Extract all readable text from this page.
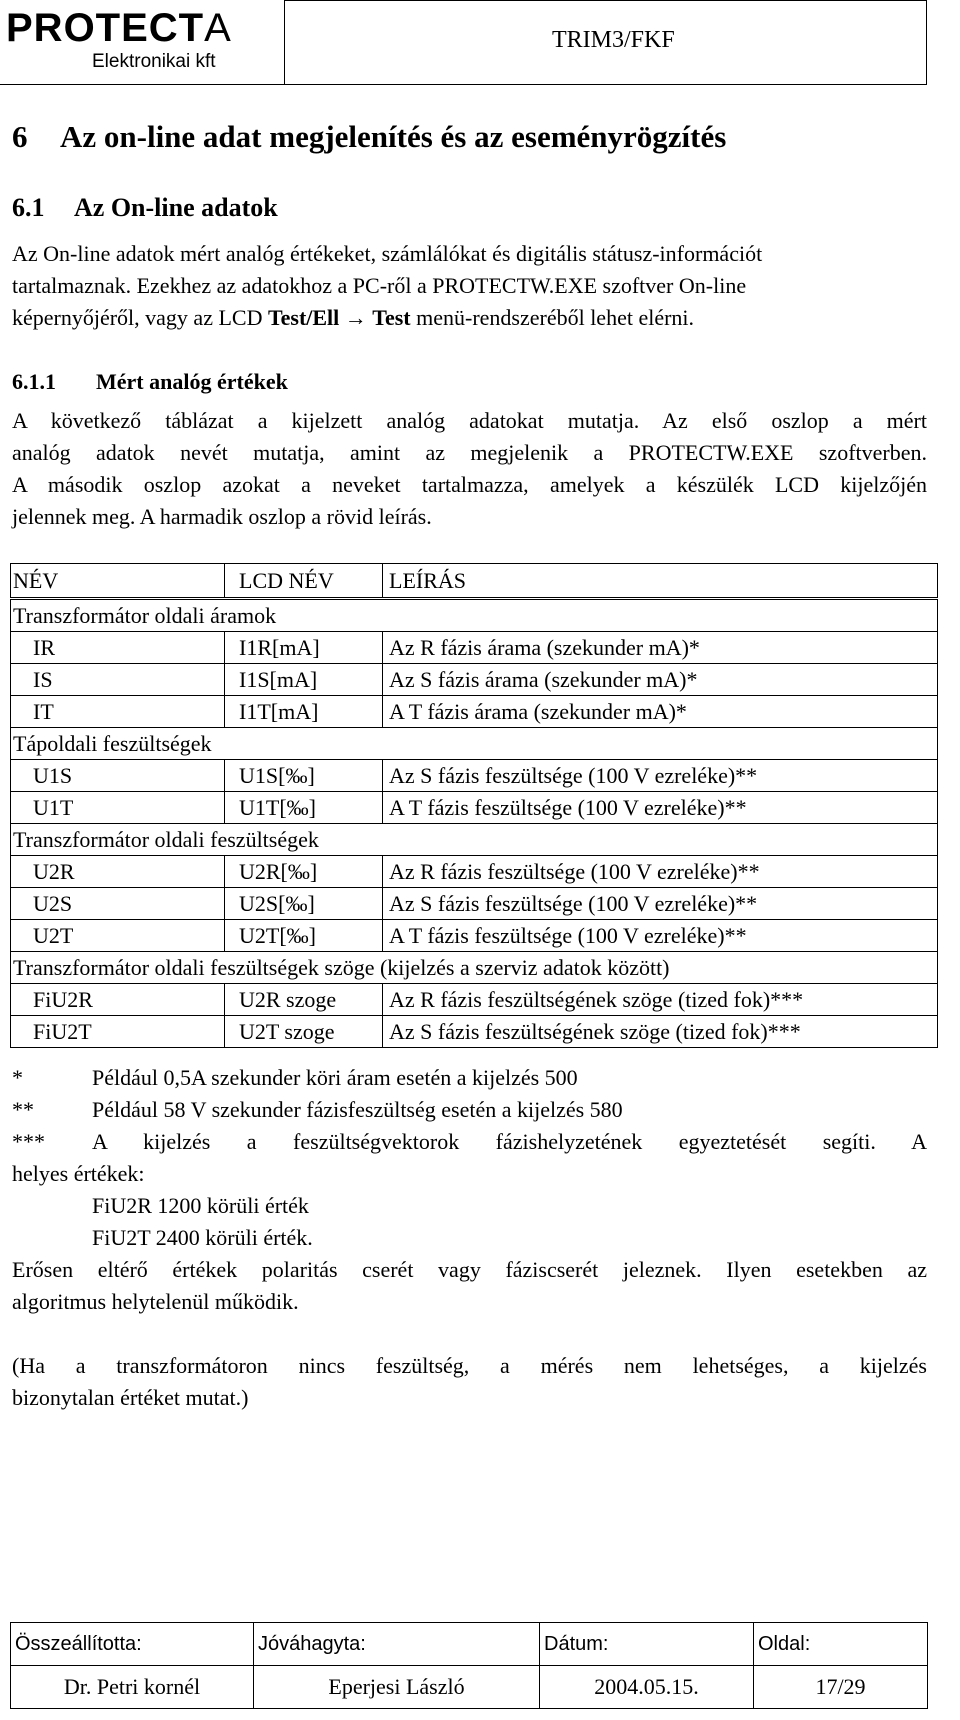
PROTECTA
Elektronikai kft
TRIM3/FKF
6 Az on-line adat megjelenítés és az eseményrögzítés
6.1 Az On-line adatok
Az On-line adatok mért analóg értékeket, számlálókat és digitális státusz-információt
tartalmaznak. Ezekhez az adatokhoz a PC-ről a PROTECTW.EXE szoftver On-line
képernyőjéről, vagy az LCD Test/Ell → Test menü-rendszeréből lehet elérni.
6.1.1 Mért analóg értékek
A következő táblázat a kijelzett analóg adatokat mutatja. Az első oszlop a mért
analóg adatok nevét mutatja, amint az megjelenik a PROTECTW.EXE szoftverben.
A második oszlop azokat a neveket tartalmazza, amelyek a készülék LCD kijelzőjén
jelennek meg. A harmadik oszlop a rövid leírás.
NÉV	LCD NÉV	LEÍRÁS
Transzformátor oldali áramok		
IR	I1R[mA]	Az R fázis árama (szekunder mA)*
IS	I1S[mA]	Az S fázis árama (szekunder mA)*
IT	I1T[mA]	A T fázis árama (szekunder mA)*
Tápoldali feszültségek		
U1S	U1S[‰]	Az S fázis feszültsége (100 V ezreléke)**
U1T	U1T[‰]	A T fázis feszültsége (100 V ezreléke)**
Transzformátor oldali feszültségek		
U2R	U2R[‰]	Az R fázis feszültsége (100 V ezreléke)**
U2S	U2S[‰]	Az S fázis feszültsége (100 V ezreléke)**
U2T	U2T[‰]	A T fázis feszültsége (100 V ezreléke)**
Transzformátor oldali feszültségek szöge (kijelzés a szerviz adatok között)		
FiU2R	U2R szoge	Az R fázis feszültségének szöge (tized fok)***
FiU2T	U2T szoge	Az S fázis feszültségének szöge (tized fok)***
*	Például 0,5A szekunder köri áram esetén a kijelzés 500
**	Például 58 V szekunder fázisfeszültség esetén a kijelzés 580
*** A kijelzés a feszültségvektorok fázishelyzetének egyeztetését segíti. A
helyes értékek:
FiU2R 1200 körüli érték
FiU2T 2400 körüli érték.
Erősen eltérő értékek polaritás cserét vagy fáziscserét jeleznek. Ilyen esetekben az
algoritmus helytelenül működik.
(Ha a transzformátoron nincs feszültség, a mérés nem lehetséges, a kijelzés
bizonytalan értéket mutat.)
Összeállította:	Jóváhagyta:	Dátum:	Oldal:
Dr. Petri kornél	Eperjesi László	2004.05.15.	17/29
